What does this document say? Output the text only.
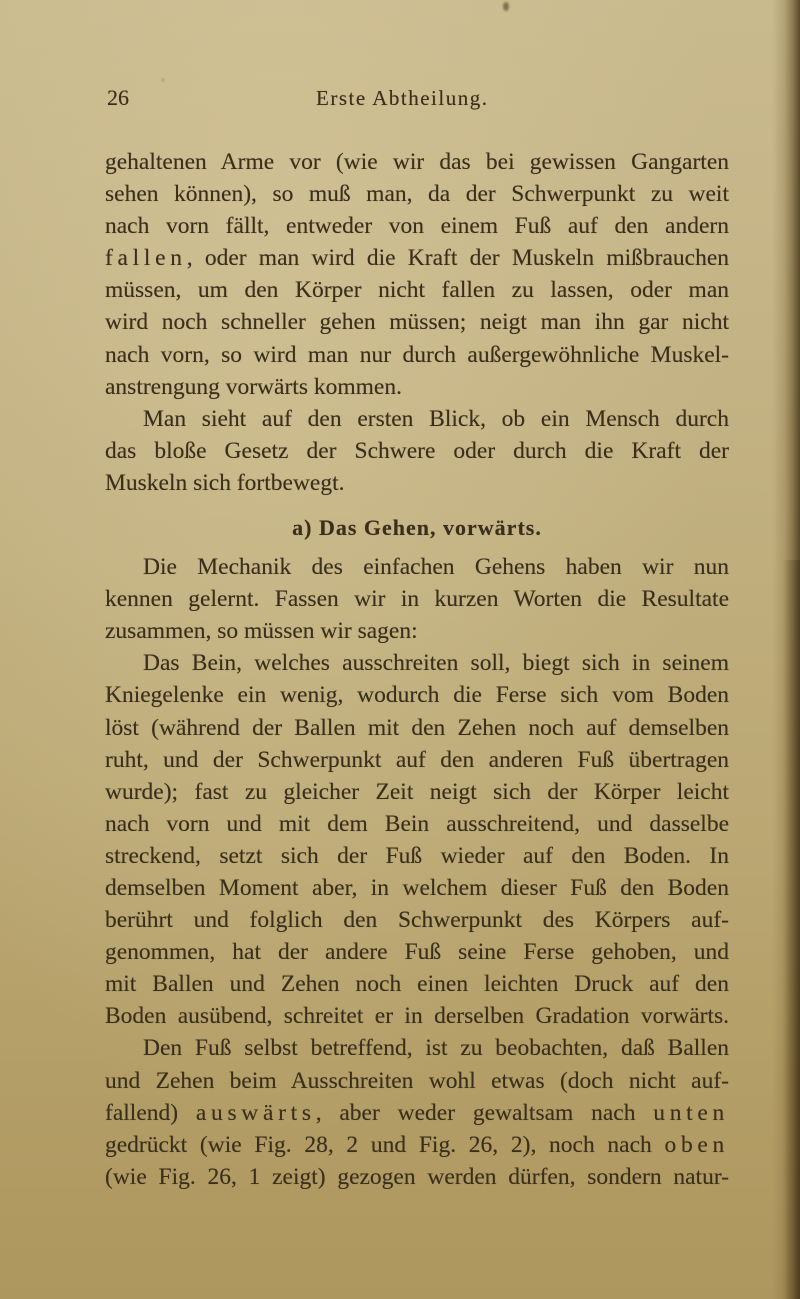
26	Erste Abtheilung.
gehaltenen Arme vor (wie wir das bei gewissen Gangarten
sehen können), so muß man, da der Schwerpunkt zu weit
nach vorn fällt, entweder von einem Fuß auf den andern
fallen, oder man wird die Kraft der Muskeln mißbrauchen
müssen, um den Körper nicht fallen zu lassen, oder man
wird noch schneller gehen müssen; neigt man ihn gar nicht
nach vorn, so wird man nur durch außergewöhnliche Muskel-
anstrengung vorwärts kommen.
Man sieht auf den ersten Blick, ob ein Mensch durch
das bloße Gesetz der Schwere oder durch die Kraft der
Muskeln sich fortbewegt.
a) Das Gehen, vorwärts.
Die Mechanik des einfachen Gehens haben wir nun
kennen gelernt. Fassen wir in kurzen Worten die Resultate
zusammen, so müssen wir sagen:
Das Bein, welches ausschreiten soll, biegt sich in seinem
Kniegelenke ein wenig, wodurch die Ferse sich vom Boden
löst (während der Ballen mit den Zehen noch auf demselben
ruht, und der Schwerpunkt auf den anderen Fuß übertragen
wurde); fast zu gleicher Zeit neigt sich der Körper leicht
nach vorn und mit dem Bein ausschreitend, und dasselbe
streckend, setzt sich der Fuß wieder auf den Boden. In
demselben Moment aber, in welchem dieser Fuß den Boden
berührt und folglich den Schwerpunkt des Körpers auf-
genommen, hat der andere Fuß seine Ferse gehoben, und
mit Ballen und Zehen noch einen leichten Druck auf den
Boden ausübend, schreitet er in derselben Gradation vorwärts.
Den Fuß selbst betreffend, ist zu beobachten, daß Ballen
und Zehen beim Ausschreiten wohl etwas (doch nicht auf-
fallend) auswärts, aber weder gewaltsam nach unten
gedrückt (wie Fig. 28, 2 und Fig. 26, 2), noch nach oben
(wie Fig. 26, 1 zeigt) gezogen werden dürfen, sondern natur-
